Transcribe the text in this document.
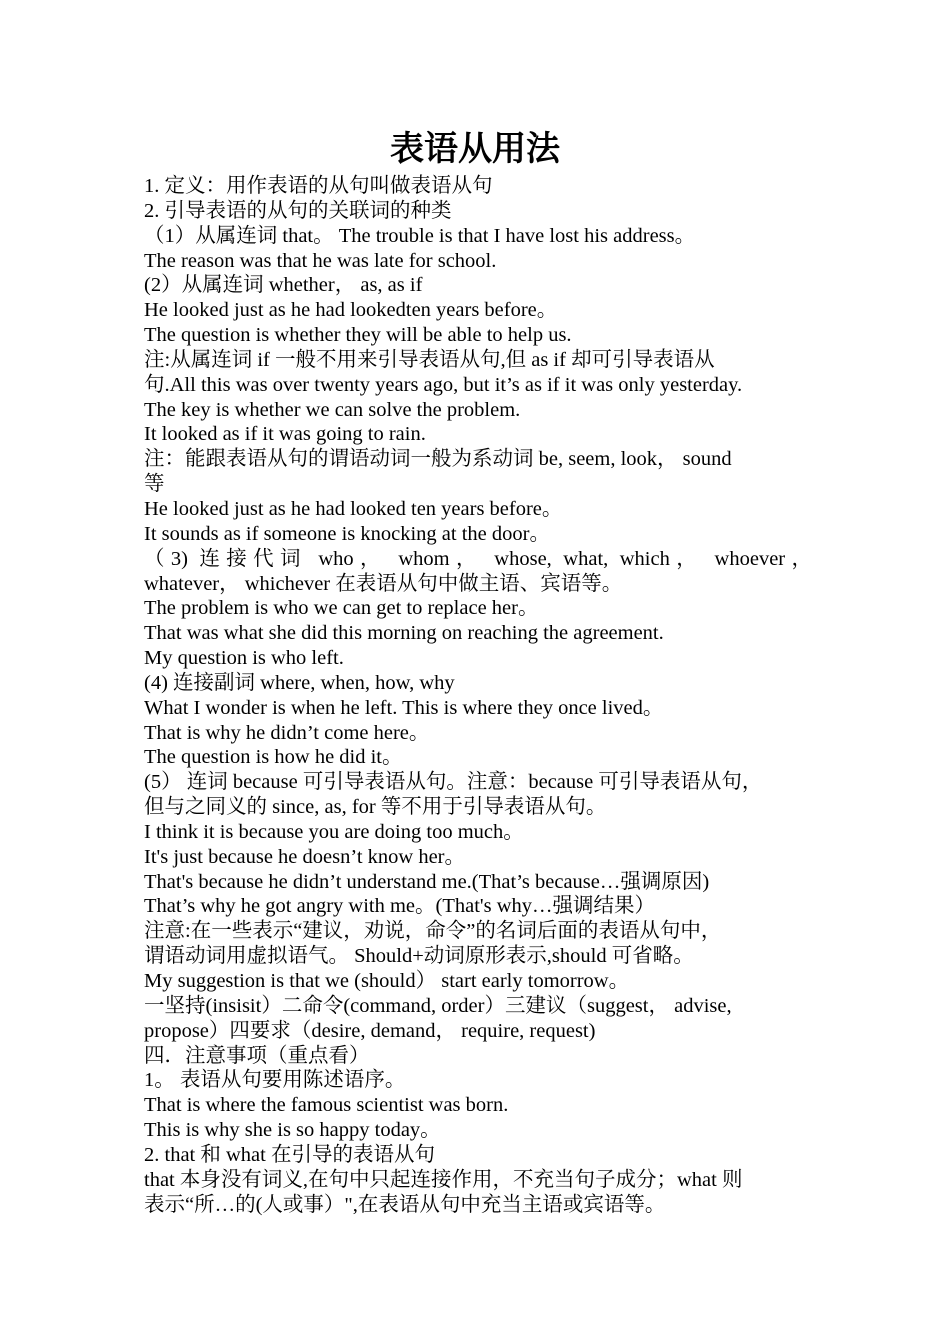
表语从用法
1. 定义：用作表语的从句叫做表语从句
2. 引导表语的从句的关联词的种类
（1）从属连词 that。 The trouble is that I have lost his address。
The reason was that he was late for school.
(2）从属连词 whether， as, as if
He looked just as he had lookedten years before。
The question is whether they will be able to help us.
注:从属连词 if 一般不用来引导表语从句,但 as if 却可引导表语从
句.All this was over twenty years ago, but it’s as if it was only yesterday.
The key is whether we can solve the problem.
It looked as if it was going to rain.
注：能跟表语从句的谓语动词一般为系动词 be, seem, look， sound
等
He looked just as he had looked ten years before。
It sounds as if someone is knocking at the door。
（3) 连接代词 who， whom， whose, what, which， whoever，
whatever， whichever 在表语从句中做主语、宾语等。
The problem is who we can get to replace her。
That was what she did this morning on reaching the agreement.
My question is who left.
(4) 连接副词 where, when, how, why
What I wonder is when he left. This is where they once lived。
That is why he didn’t come here。
The question is how he did it。
(5） 连词 because 可引导表语从句。注意：because 可引导表语从句，
但与之同义的 since, as, for 等不用于引导表语从句。
I think it is because you are doing too much。
It's just because he doesn’t know her。
That's because he didn’t understand me.(That’s because…强调原因)
That’s why he got angry with me。(That's why…强调结果）
注意:在一些表示“建议，劝说，命令”的名词后面的表语从句中，
谓语动词用虚拟语气。 Should+动词原形表示,should 可省略。
My suggestion is that we (should） start early tomorrow。
一坚持(insisit）二命令(command, order）三建议（suggest， advise,
propose）四要求（desire, demand， require, request)
四．注意事项（重点看）
1。 表语从句要用陈述语序。
That is where the famous scientist was born.
This is why she is so happy today。
2. that 和 what 在引导的表语从句
that 本身没有词义,在句中只起连接作用，不充当句子成分；what 则
表示“所…的(人或事）",在表语从句中充当主语或宾语等。
